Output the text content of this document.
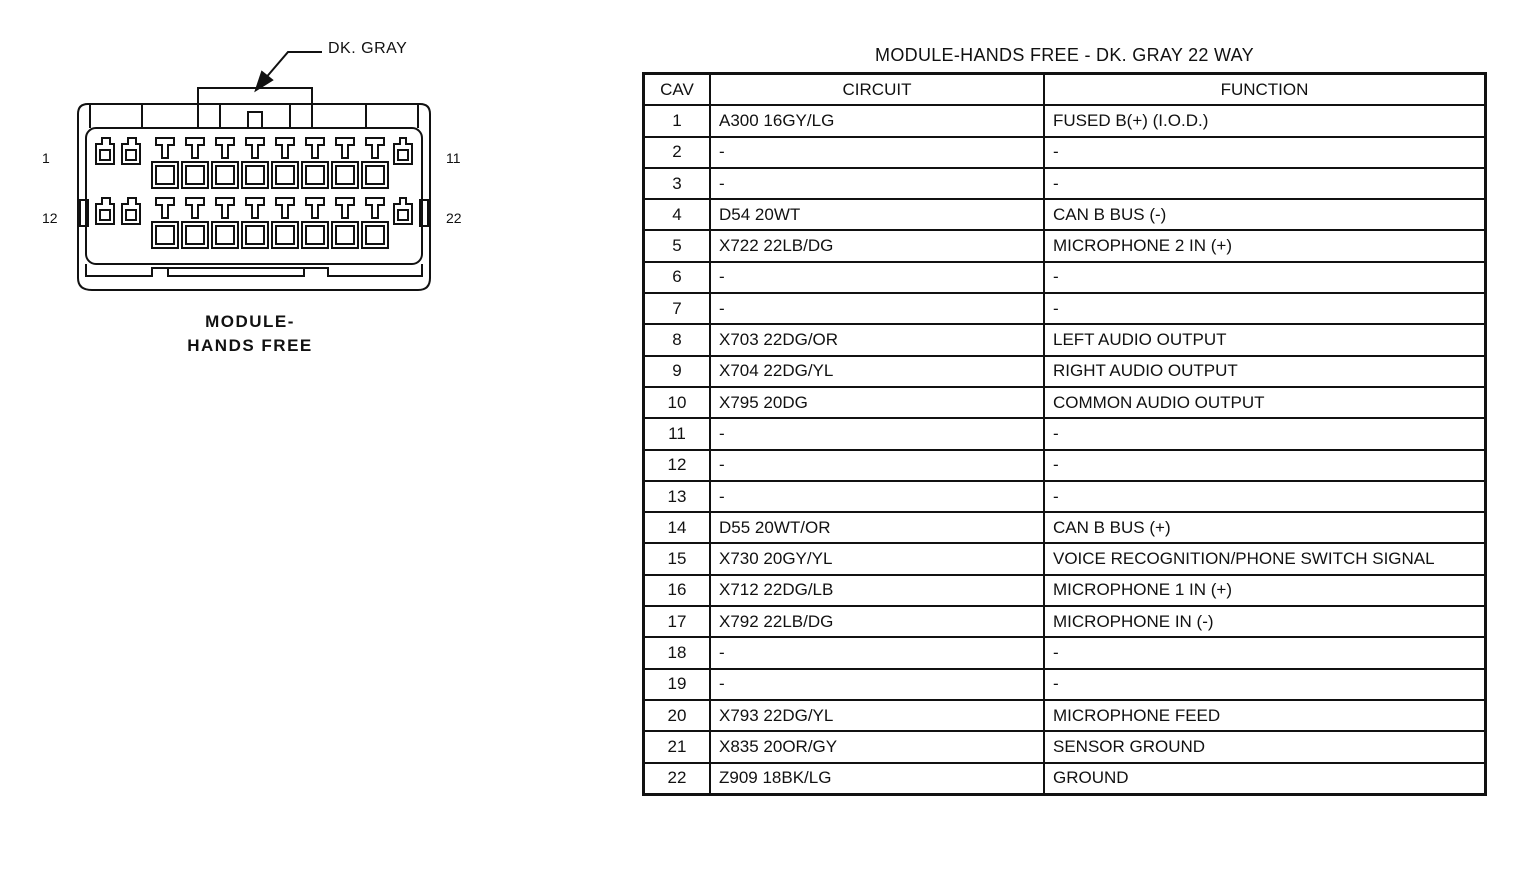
DK. GRAY
1	11
12	22
MODULE-
HANDS FREE
MODULE-HANDS FREE - DK. GRAY 22 WAY
CAV	CIRCUIT	FUNCTION
1	A300 16GY/LG	FUSED B(+) (I.O.D.)
2	-	-
3	-	-
4	D54 20WT	CAN B BUS (-)
5	X722 22LB/DG	MICROPHONE 2 IN (+)
6	-	-
7	-	-
8	X703 22DG/OR	LEFT AUDIO OUTPUT
9	X704 22DG/YL	RIGHT AUDIO OUTPUT
10	X795 20DG	COMMON AUDIO OUTPUT
11	-	-
12	-	-
13	-	-
14	D55 20WT/OR	CAN B BUS (+)
15	X730 20GY/YL	VOICE RECOGNITION/PHONE SWITCH SIGNAL
16	X712 22DG/LB	MICROPHONE 1 IN (+)
17	X792 22LB/DG	MICROPHONE IN (-)
18	-	-
19	-	-
20	X793 22DG/YL	MICROPHONE FEED
21	X835 20OR/GY	SENSOR GROUND
22	Z909 18BK/LG	GROUND
